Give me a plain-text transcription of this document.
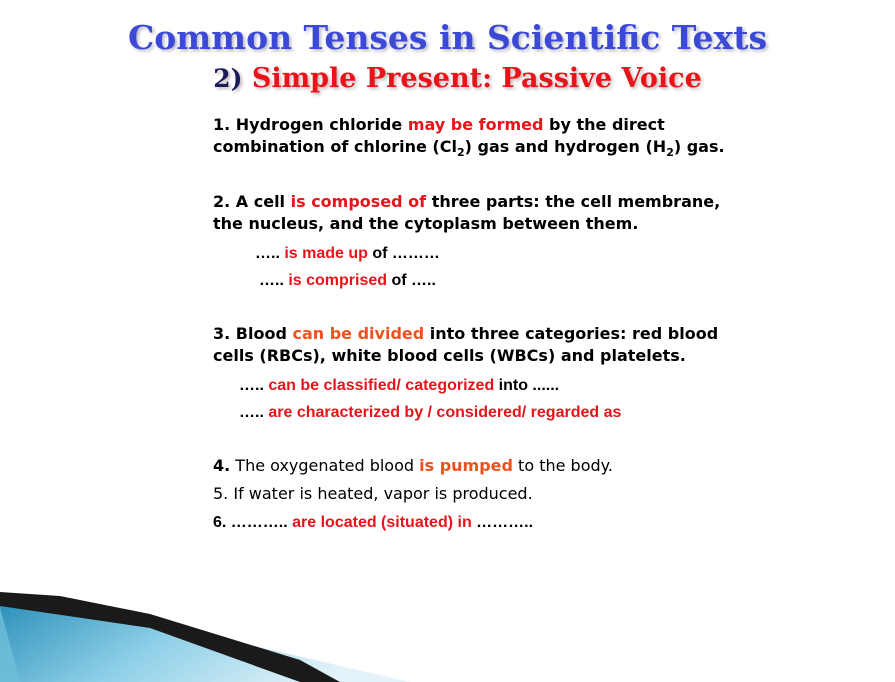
Common Tenses in Scientific Texts
2) Simple Present: Passive Voice
1. Hydrogen chloride may be formed by the direct combination of chlorine $(Cl_2)$ gas and hydrogen $(H_2)$ gas.
2. A cell is composed of three parts: the cell membrane, the nucleus, and the cytoplasm between them.
….. is made up of ………
….. is comprised of …..
3. Blood can be divided into three categories: red blood cells (RBCs), white blood cells (WBCs) and platelets.
….. can be classified/ categorized into ......
….. are characterized by / considered/ regarded as
4. The oxygenated blood is pumped to the body.
5. If water is heated, vapor is produced.
6. ……….. are located (situated) in ………..
